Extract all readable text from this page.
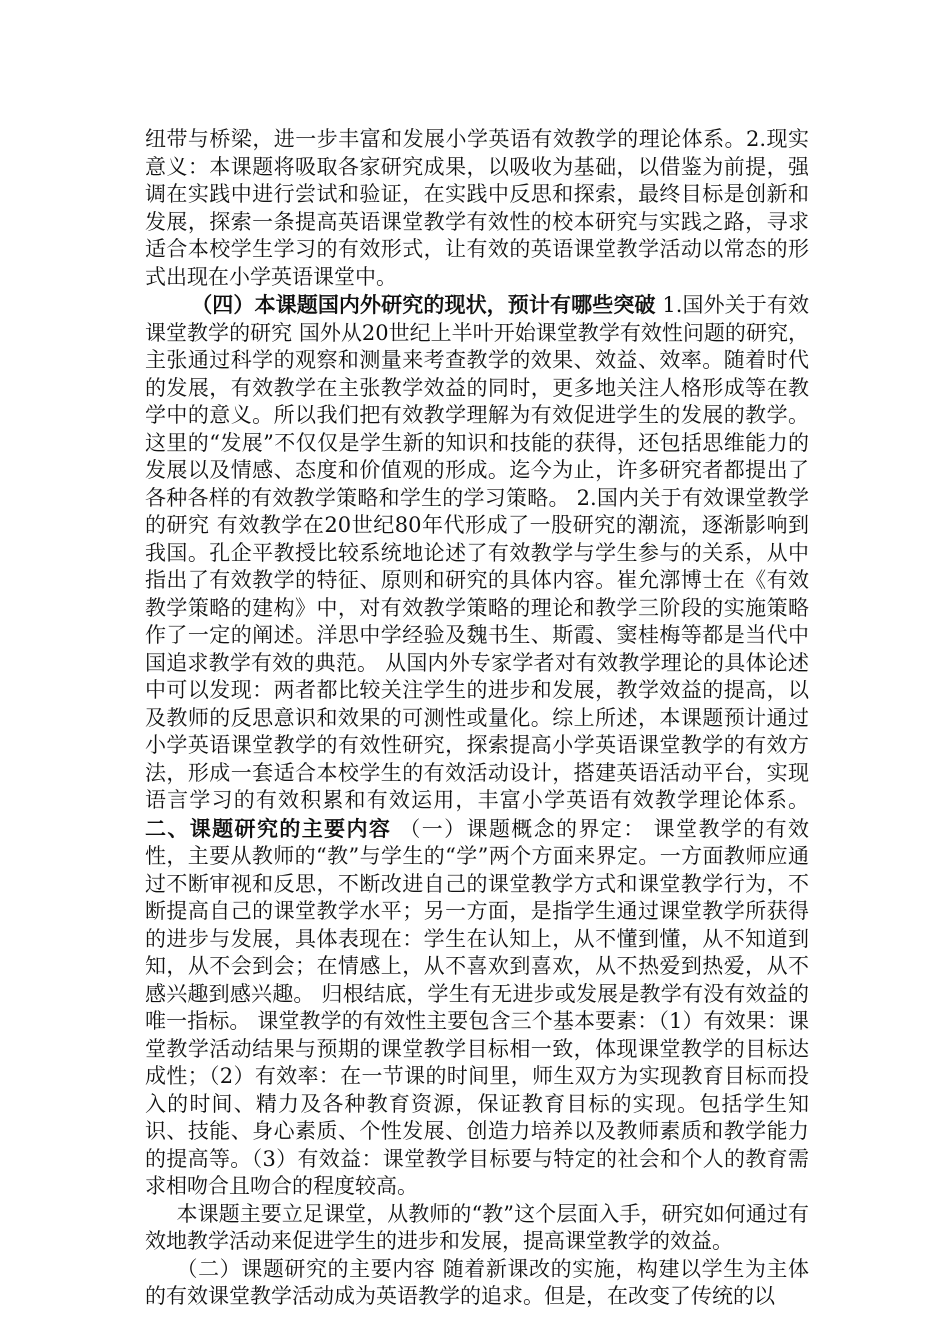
纽带与桥梁，进一步丰富和发展小学英语有效教学的理论体系。2.现实意义：本课题将吸取各家研究成果，以吸收为基础，以借鉴为前提，强调在实践中进行尝试和验证，在实践中反思和探索，最终目标是创新和发展，探索一条提高英语课堂教学有效性的校本研究与实践之路，寻求适合本校学生学习的有效形式，让有效的英语课堂教学活动以常态的形式出现在小学英语课堂中。

（四）本课题国内外研究的现状，预计有哪些突破 1.国外关于有效课堂教学的研究 国外从20世纪上半叶开始课堂教学有效性问题的研究，主张通过科学的观察和测量来考查教学的效果、效益、效率。随着时代的发展，有效教学在主张教学效益的同时，更多地关注人格形成等在教学中的意义。所以我们把有效教学理解为有效促进学生的发展的教学。这里的“发展”不仅仅是学生新的知识和技能的获得，还包括思维能力的发展以及情感、态度和价值观的形成。迄今为止，许多研究者都提出了各种各样的有效教学策略和学生的学习策略。 2.国内关于有效课堂教学的研究 有效教学在20世纪80年代形成了一股研究的潮流，逐渐影响到我国。孔企平教授比较系统地论述了有效教学与学生参与的关系，从中指出了有效教学的特征、原则和研究的具体内容。崔允漷博士在《有效教学策略的建构》中，对有效教学策略的理论和教学三阶段的实施策略作了一定的阐述。洋思中学经验及魏书生、斯霞、窦桂梅等都是当代中国追求教学有效的典范。 从国内外专家学者对有效教学理论的具体论述中可以发现：两者都比较关注学生的进步和发展，教学效益的提高，以及教师的反思意识和效果的可测性或量化。综上所述，本课题预计通过小学英语课堂教学的有效性研究，探索提高小学英语课堂教学的有效方法，形成一套适合本校学生的有效活动设计，搭建英语活动平台，实现语言学习的有效积累和有效运用，丰富小学英语有效教学理论体系。二、课题研究的主要内容 （一）课题概念的界定： 课堂教学的有效性，主要从教师的“教”与学生的“学”两个方面来界定。一方面教师应通过不断审视和反思，不断改进自己的课堂教学方式和课堂教学行为，不断提高自己的课堂教学水平；另一方面，是指学生通过课堂教学所获得的进步与发展，具体表现在：学生在认知上，从不懂到懂，从不知道到知，从不会到会；在情感上，从不喜欢到喜欢，从不热爱到热爱，从不感兴趣到感兴趣。 归根结底，学生有无进步或发展是教学有没有效益的唯一指标。 课堂教学的有效性主要包含三个基本要素：（1）有效果：课堂教学活动结果与预期的课堂教学目标相一致，体现课堂教学的目标达成性；（2）有效率：在一节课的时间里，师生双方为实现教育目标而投入的时间、精力及各种教育资源，保证教育目标的实现。包括学生知识、技能、身心素质、个性发展、创造力培养以及教师素质和教学能力的提高等。（3）有效益：课堂教学目标要与特定的社会和个人的教育需求相吻合且吻合的程度较高。

本课题主要立足课堂，从教师的“教”这个层面入手，研究如何通过有效地教学活动来促进学生的进步和发展，提高课堂教学的效益。

（二）课题研究的主要内容 随着新课改的实施，构建以学生为主体的有效课堂教学活动成为英语教学的追求。但是，在改变了传统的以
